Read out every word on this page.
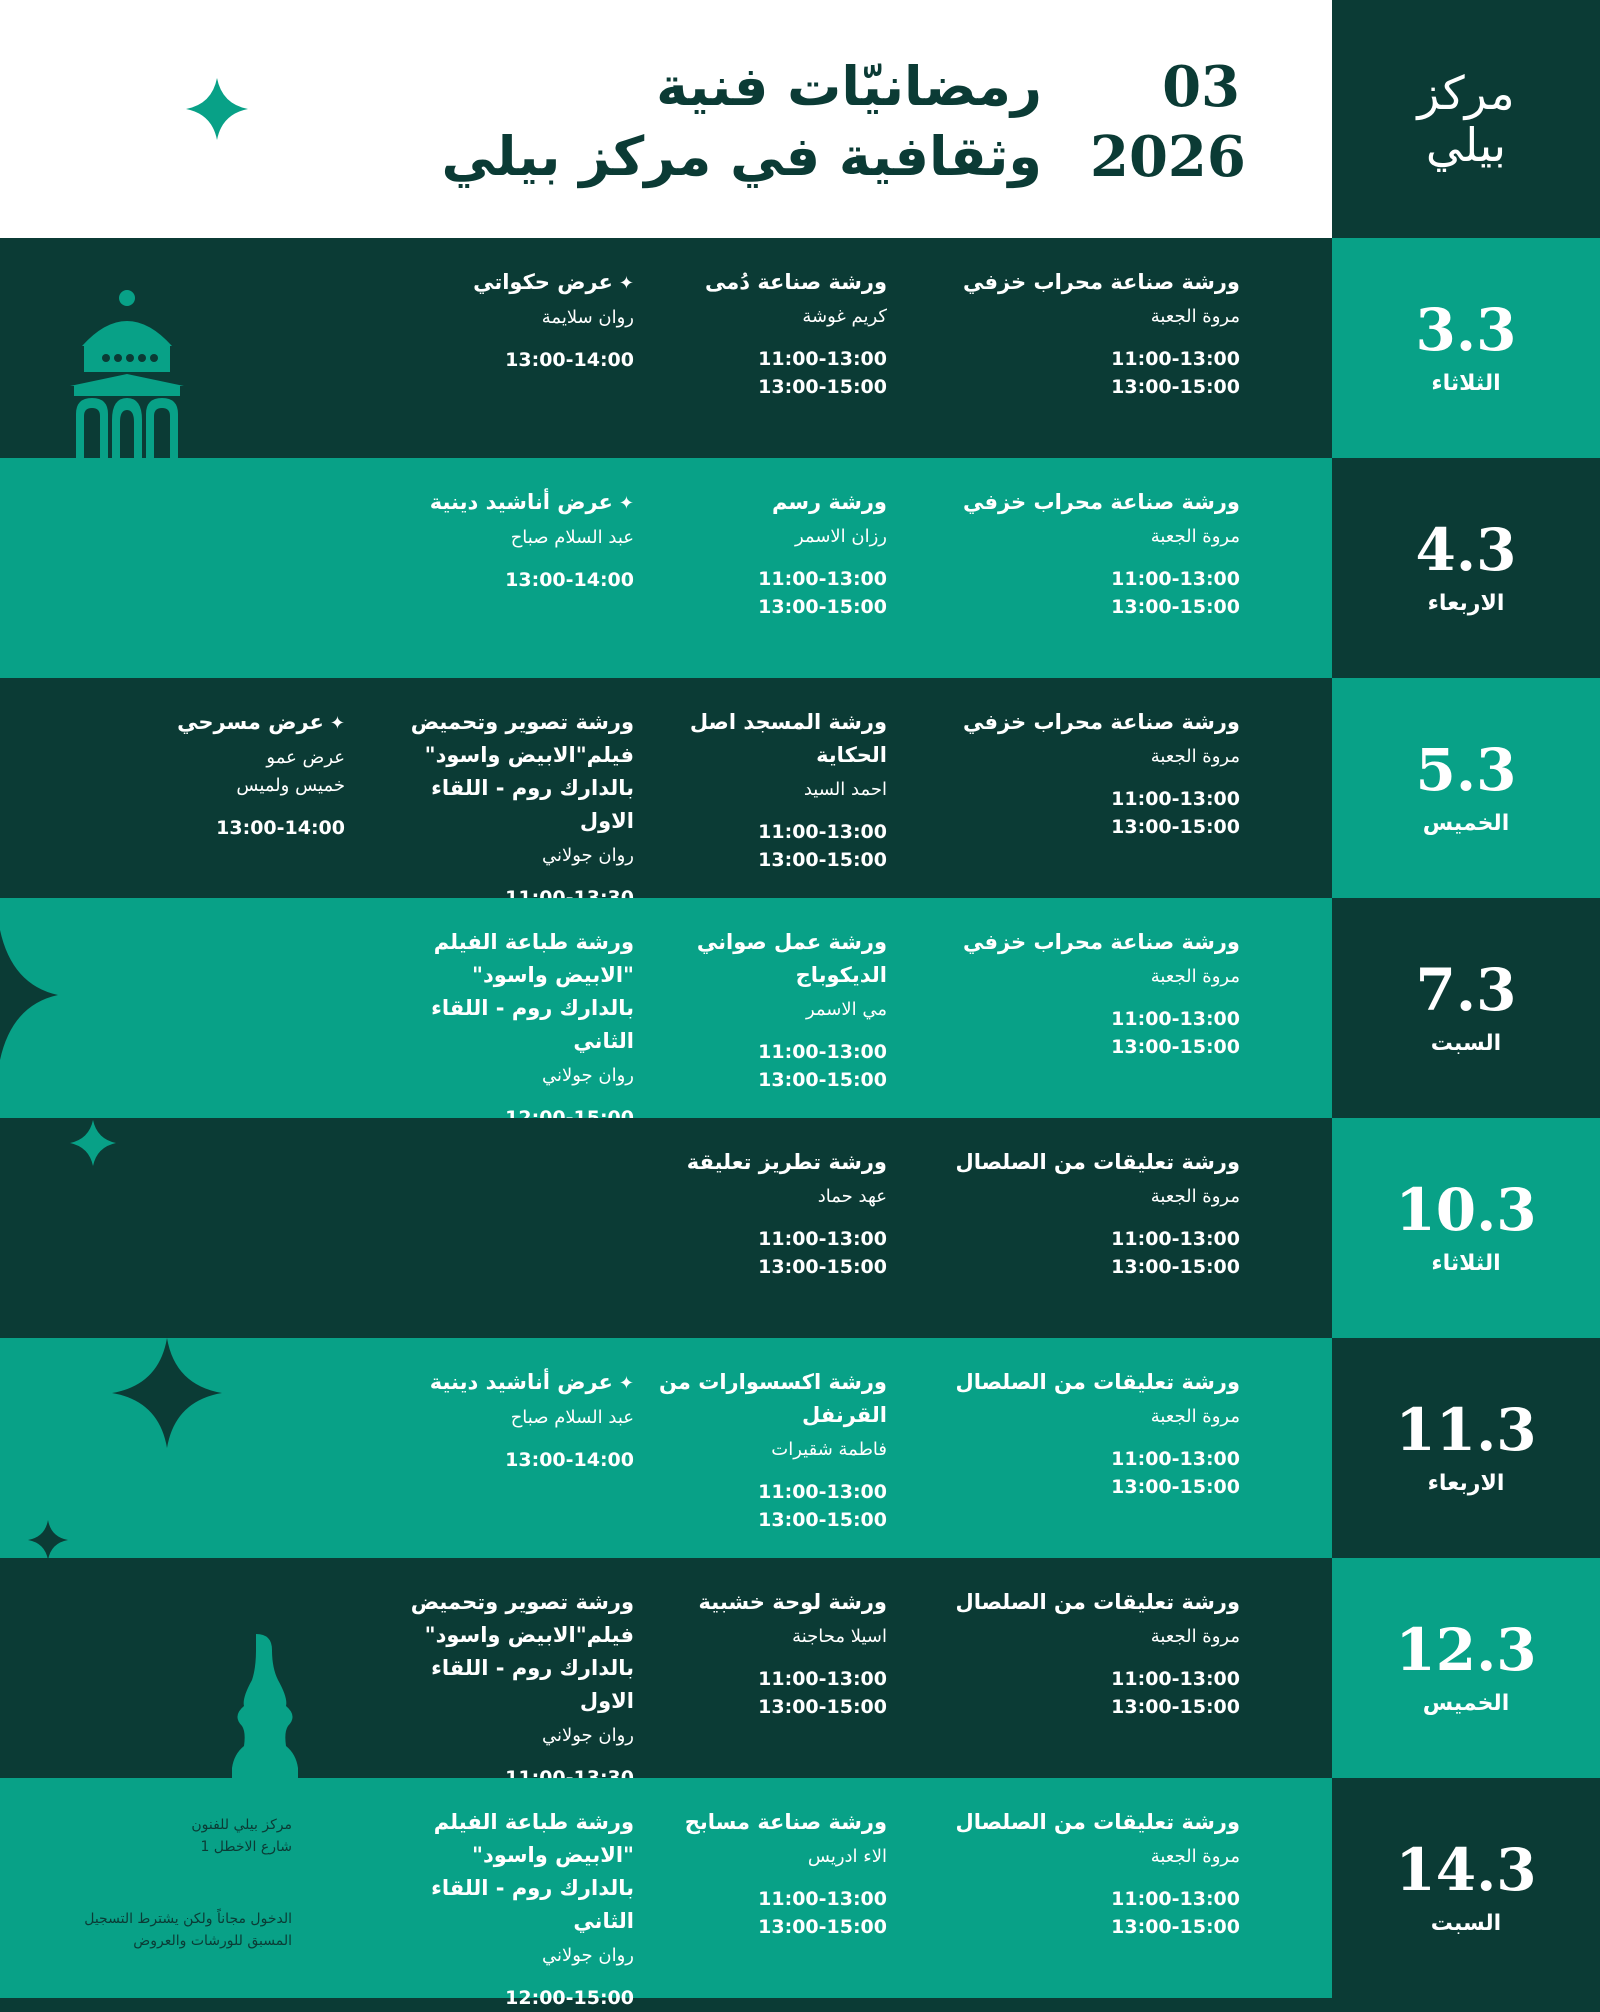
رمضانيّات فنية
وثقافية في مركز بيلي
03
2026
مركز
بيلي
3.3
الثلاثاء
ورشة صناعة محراب خزفي
مروة الجعبة
11:00-13:00
13:00-15:00
ورشة صناعة دُمى
كريم غوشة
11:00-13:00
13:00-15:00
✦عرض حكواتي
روان سلايمة
13:00-14:00
4.3
الاربعاء
ورشة صناعة محراب خزفي
مروة الجعبة
11:00-13:00
13:00-15:00
ورشة رسم
رزان الاسمر
11:00-13:00
13:00-15:00
✦عرض أناشيد دينية
عبد السلام صباح
13:00-14:00
5.3
الخميس
ورشة صناعة محراب خزفي
مروة الجعبة
11:00-13:00
13:00-15:00
ورشة المسجد اصل الحكاية
احمد السيد
11:00-13:00
13:00-15:00
ورشة تصوير وتحميض فيلم"الابيض واسود" بالدارك روم - اللقاء الاول
روان جولاني
✦عرض مسرحي
عرض عمو
خميس ولميس
13:00-14:00
7.3
السبت
ورشة صناعة محراب خزفي
مروة الجعبة
11:00-13:00
13:00-15:00
ورشة عمل صواني الديكوباج
مي الاسمر
11:00-13:00
13:00-15:00
ورشة طباعة الفيلم "الابيض واسود" بالدارك روم - اللقاء الثاني
روان جولاني
10.3
الثلاثاء
ورشة تعليقات من الصلصال
مروة الجعبة
11:00-13:00
13:00-15:00
ورشة تطريز تعليقة
عهد حماد
11:00-13:00
13:00-15:00
11.3
الاربعاء
ورشة تعليقات من الصلصال
مروة الجعبة
11:00-13:00
13:00-15:00
ورشة اكسسوارات من القرنفل
فاطمة شقيرات
11:00-13:00
13:00-15:00
✦عرض أناشيد دينية
عبد السلام صباح
13:00-14:00
12.3
الخميس
ورشة تعليقات من الصلصال
مروة الجعبة
11:00-13:00
13:00-15:00
ورشة لوحة خشبية
اسيلا محاجنة
11:00-13:00
13:00-15:00
ورشة تصوير وتحميض فيلم"الابيض واسود" بالدارك روم - اللقاء الاول
روان جولاني
14.3
السبت
ورشة تعليقات من الصلصال
مروة الجعبة
11:00-13:00
13:00-15:00
ورشة صناعة مسابح
الاء ادريس
11:00-13:00
13:00-15:00
ورشة طباعة الفيلم "الابيض واسود" بالدارك روم - اللقاء الثاني
روان جولاني
12:00-15:00
مركز بيلي للفنون
شارع الاخطل 1
الدخول مجاناً ولكن يشترط التسجيل
المسبق للورشات والعروض
